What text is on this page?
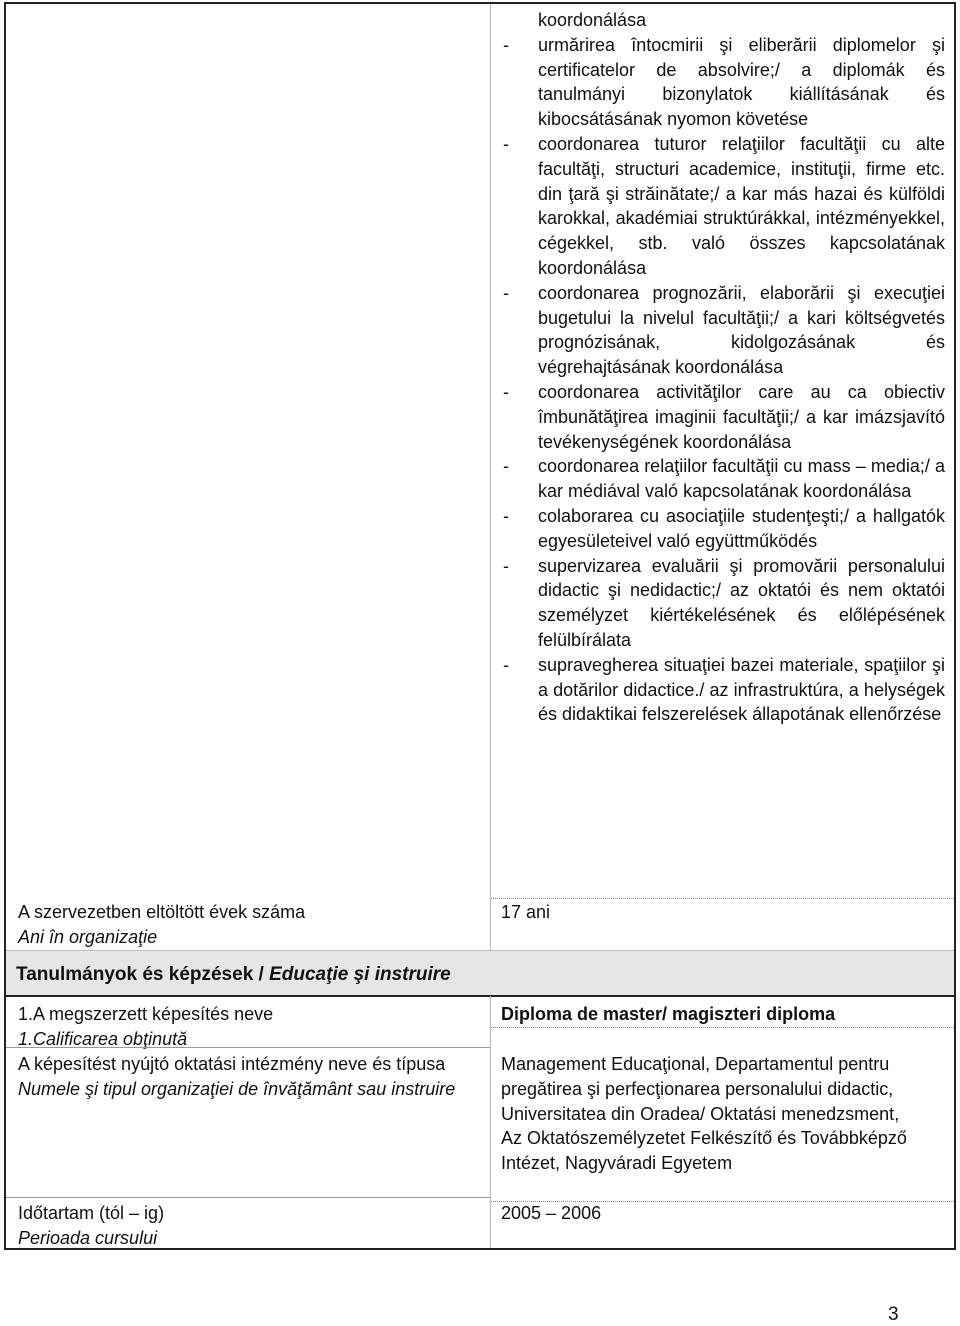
A szervezetben eltöltött évek száma
Ani în organizaţie
koordonálása
- urmărirea întocmirii şi eliberării diplomelor şi certificatelor de absolvire;/ a diplomák és tanulmányi bizonylatok kiállításának és kibocsátásának nyomon követése
- coordonarea tuturor relaţiilor facultăţii cu alte facultăţi, structuri academice, instituţii, firme etc. din ţară şi străinătate;/ a kar más hazai és külföldi karokkal, akadémiai struktúrákkal, intézményekkel, cégekkel, stb. való összes kapcsolatának koordonálása
- coordonarea prognozării, elaborării şi execuţiei bugetului la nivelul facultăţii;/ a kari költségvetés prognózisának, kidolgozásának és végrehajtásának koordonálása
- coordonarea activităţilor care au ca obiectiv îmbunătăţirea imaginii facultăţii;/ a kar imázsjavító tevékenységének koordonálása
- coordonarea relaţiilor facultăţii cu mass – media;/ a kar médiával való kapcsolatának koordonálása
- colaborarea cu asociaţiile studenţeşti;/ a hallgatók egyesületeivel való együttműködés
- supervizarea evaluării şi promovării personalului didactic şi nedidactic;/ az oktatói és nem oktatói személyzet kiértékelésének és előlépésének felülbírálata
- supravegherea situaţiei bazei materiale, spaţiilor şi a dotărilor didactice./ az infrastruktúra, a helységek és didaktikai felszerelések állapotának ellenőrzése
17 ani
Tanulmányok és képzések / Educaţie şi instruire
1.A megszerzett képesítés neve
1.Calificarea obţinută
Diploma de master/ magiszteri diploma
A képesítést nyújtó oktatási intézmény neve és típusa
Numele şi tipul organizaţiei de învăţământ sau instruire
Management Educaţional, Departamentul pentru pregătirea şi perfecţionarea personalului didactic, Universitatea din Oradea/ Oktatási menedzsment, Az Oktatószemélyzetet Felkészítő és Továbbképző Intézet, Nagyváradi Egyetem
Időtartam (tól – ig)
Perioada cursului
2005 – 2006
3
